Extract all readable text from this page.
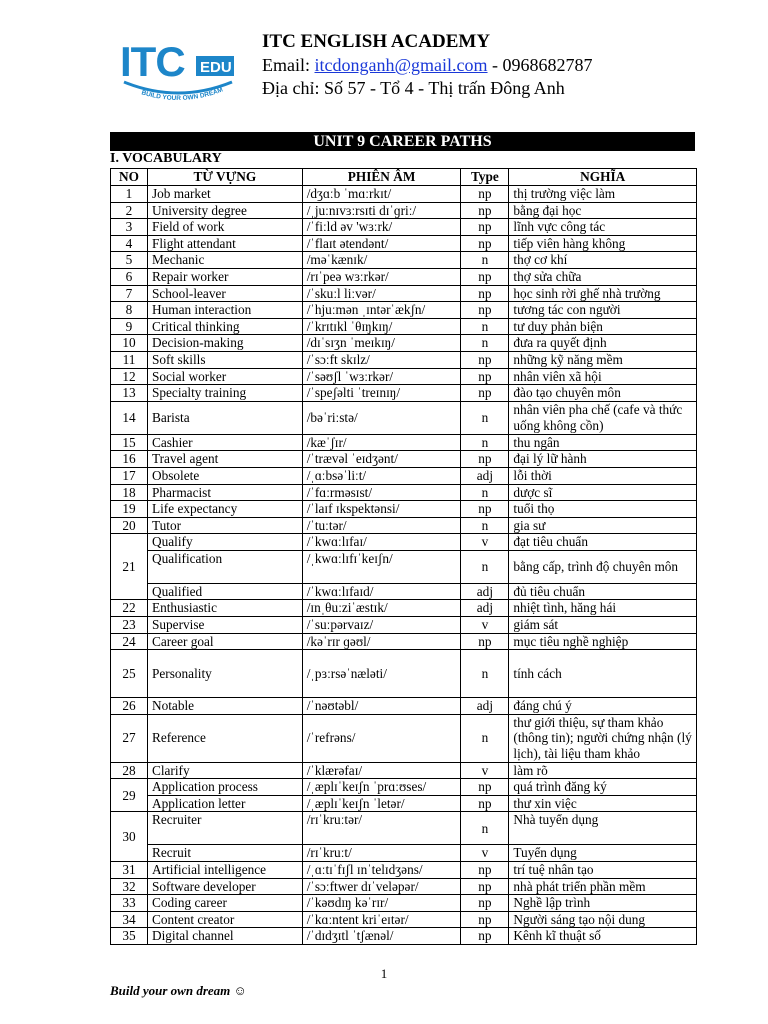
ITC EDU
BUILD YOUR OWN DREAM
ITC ENGLISH ACADEMY
Email: itcdonganh@gmail.com - 0968682787
Địa chỉ: Số 57 - Tổ 4 - Thị trấn Đông Anh
UNIT 9 CAREER PATHS
I. VOCABULARY
NO	TỪ VỰNG	PHIÊN ÂM	Type	NGHĨA
1	Job market	/dʒɑːb ˈmɑːrkɪt/	np	thị trường việc làm
2	University degree	/ˌjuːnɪvɜːrsɪti dɪˈɡriː/	np	bằng đại học
3	Field of work	/ˈfiːld əv 'wɜːrk/	np	lĩnh vực công tác
4	Flight attendant	/ˈflaɪt ətendənt/	np	tiếp viên hàng không
5	Mechanic	/məˈkænɪk/	n	thợ cơ khí
6	Repair worker	/rɪˈpeə wɜːrkər/	np	thợ sửa chữa
7	School-leaver	/ˈskuːl liːvər/	np	học sinh rời ghế nhà trường
8	Human interaction	/ˈhjuːmən ˌɪntərˈækʃn/	np	tương tác con người
9	Critical thinking	/ˈkrɪtɪkl ˈθɪŋkɪŋ/	n	tư duy phản biện
10	Decision-making	/dɪˈsɪʒn ˈmeɪkɪŋ/	n	đưa ra quyết định
11	Soft skills	/ˈsɔːft skɪlz/	np	những kỹ năng mềm
12	Social worker	/ˈsəʊʃl ˈwɜːrkər/	np	nhân viên xã hội
13	Specialty training	/ˈspeʃəlti ˈtreɪnɪŋ/	np	đào tạo chuyên môn
14	Barista	/bəˈriːstə/	n	nhân viên pha chế (cafe và thức uống không cồn)
15	Cashier	/kæˈʃɪr/	n	thu ngân
16	Travel agent	/ˈtrævəl ˈeɪdʒənt/	np	đại lý lữ hành
17	Obsolete	/ˌɑːbsəˈliːt/	adj	lỗi thời
18	Pharmacist	/ˈfɑːrməsɪst/	n	dược sĩ
19	Life expectancy	/ˈlaɪf ɪkspektənsi/	np	tuổi thọ
20	Tutor	/ˈtuːtər/	n	gia sư
21	Qualify	/ˈkwɑːlɪfaɪ/	v	đạt tiêu chuẩn
	Qualification	/ˌkwɑːlɪfɪˈkeɪʃn/	n	bằng cấp, trình độ chuyên môn
	Qualified	/ˈkwɑːlɪfaɪd/	adj	đủ tiêu chuẩn
22	Enthusiastic	/ɪnˌθuːziˈæstɪk/	adj	nhiệt tình, hăng hái
23	Supervise	/ˈsuːpərvaɪz/	v	giám sát
24	Career goal	/kəˈrɪr ɡəʊl/	np	mục tiêu nghề nghiệp
25	Personality	/ˌpɜːrsəˈnæləti/	n	tính cách
26	Notable	/ˈnəʊtəbl/	adj	đáng chú ý
27	Reference	/ˈrefrəns/	n	thư giới thiệu, sự tham khảo (thông tin); người chứng nhận (lý lịch), tài liệu tham khảo
28	Clarify	/ˈklærəfaɪ/	v	làm rõ
29	Application process	/ˌæplɪˈkeɪʃn ˈprɑːʊses/	np	quá trình đăng ký
	Application letter	/ˌæplɪˈkeɪʃn ˈletər/	np	thư xin việc
30	Recruiter	/rɪˈkruːtər/	n	Nhà tuyển dụng
	Recruit	/rɪˈkruːt/	v	Tuyển dụng
31	Artificial intelligence	/ˌɑːtɪˈfɪʃl ɪnˈtelɪdʒəns/	np	trí tuệ nhân tạo
32	Software developer	/ˈsɔːftwer dɪˈveləpər/	np	nhà phát triển phần mềm
33	Coding career	/ˈkəʊdɪŋ kəˈrɪr/	np	Nghề lập trình
34	Content creator	/ˈkɑːntent kriˈeɪtər/	np	Người sáng tạo nội dung
35	Digital channel	/ˈdɪdʒɪtl ˈtʃænəl/	np	Kênh kĩ thuật số
1
Build your own dream ☺
